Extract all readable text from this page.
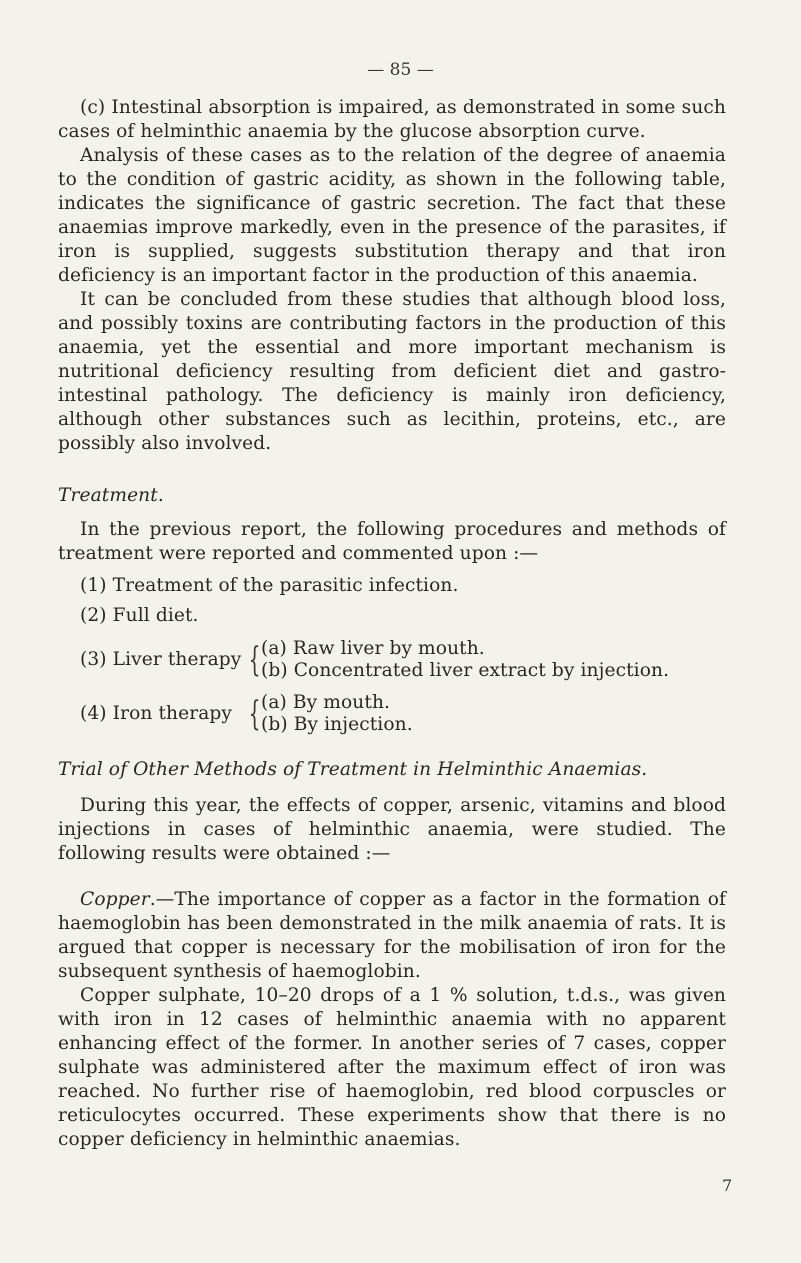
— 85 —

(c) Intestinal absorption is impaired, as demonstrated in some such cases of helminthic anaemia by the glucose absorption curve.

Analysis of these cases as to the relation of the degree of anaemia to the condition of gastric acidity, as shown in the following table, indicates the significance of gastric secretion. The fact that these anaemias improve markedly, even in the presence of the parasites, if iron is supplied, suggests substitution therapy and that iron deficiency is an important factor in the production of this anaemia.

It can be concluded from these studies that although blood loss, and possibly toxins are contributing factors in the production of this anaemia, yet the essential and more important mechanism is nutritional deficiency resulting from deficient diet and gastro-intestinal pathology. The deficiency is mainly iron deficiency, although other substances such as lecithin, proteins, etc., are possibly also involved.

Treatment.

In the previous report, the following procedures and methods of treatment were reported and commented upon :—

(1) Treatment of the parasitic infection.

(2) Full diet.

(3) Liver therapy { (a) Raw liver by mouth.
(b) Concentrated liver extract by injection.
(4) Iron therapy { (a) By mouth.
(b) By injection.

Trial of Other Methods of Treatment in Helminthic Anaemias.

During this year, the effects of copper, arsenic, vitamins and blood injections in cases of helminthic anaemia, were studied. The following results were obtained :—

Copper.—The importance of copper as a factor in the formation of haemoglobin has been demonstrated in the milk anaemia of rats. It is argued that copper is necessary for the mobilisation of iron for the subsequent synthesis of haemoglobin.

Copper sulphate, 10–20 drops of a 1 % solution, t.d.s., was given with iron in 12 cases of helminthic anaemia with no apparent enhancing effect of the former. In another series of 7 cases, copper sulphate was administered after the maximum effect of iron was reached. No further rise of haemoglobin, red blood corpuscles or reticulocytes occurred. These experiments show that there is no copper deficiency in helminthic anaemias.

7
